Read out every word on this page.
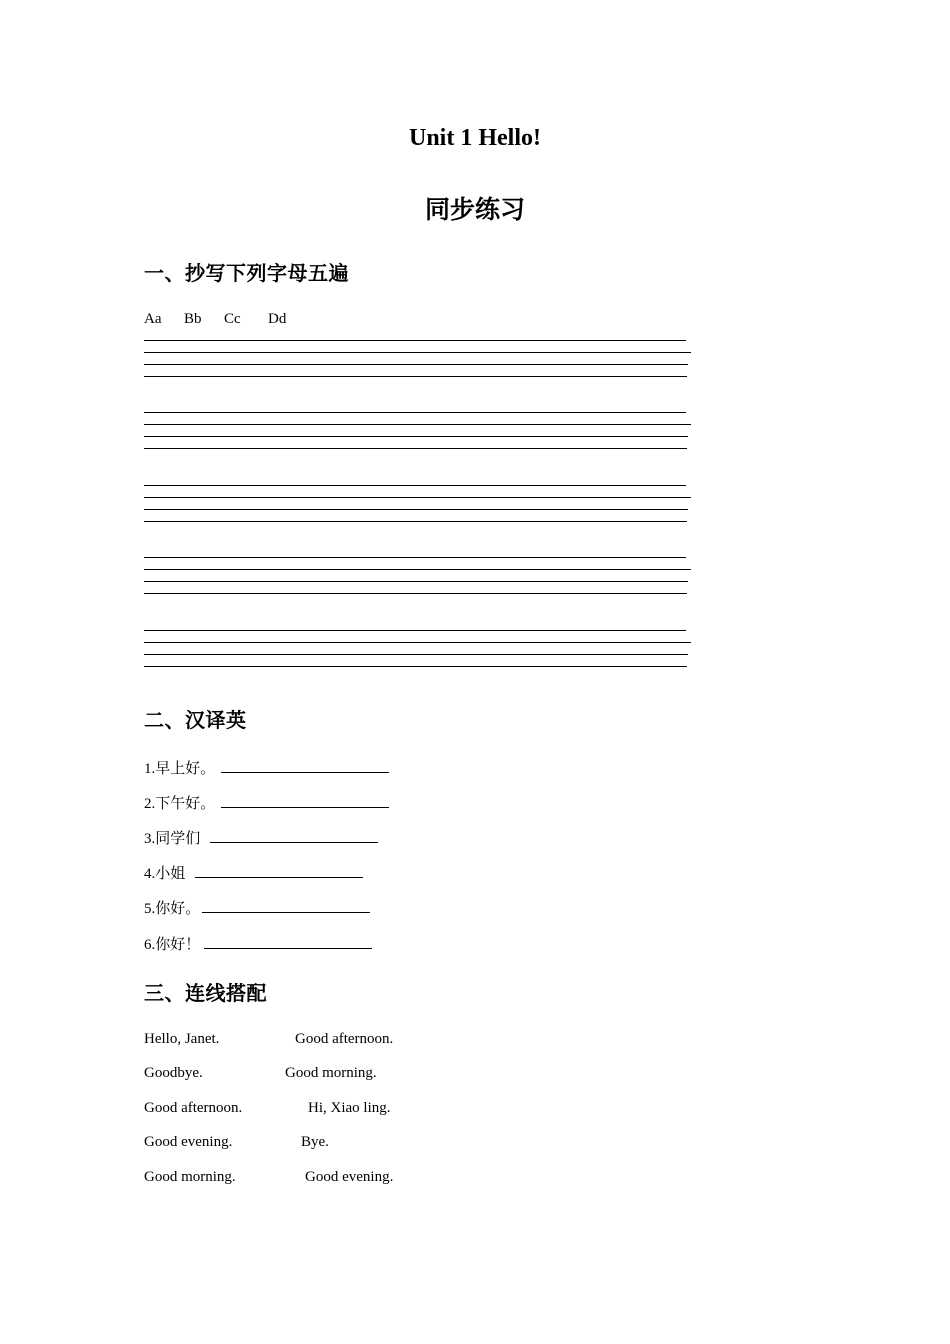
Unit 1 Hello!
同步练习
一、抄写下列字母五遍
Aa Bb Cc Dd
二、汉译英
1.早上好。
2.下午好。
3.同学们
4.小姐
5.你好。
6.你好！
三、连线搭配
Hello, Janet.	Good afternoon.
Goodbye.	Good morning.
Good afternoon.	Hi, Xiao ling.
Good evening.	Bye.
Good morning.	Good evening.
